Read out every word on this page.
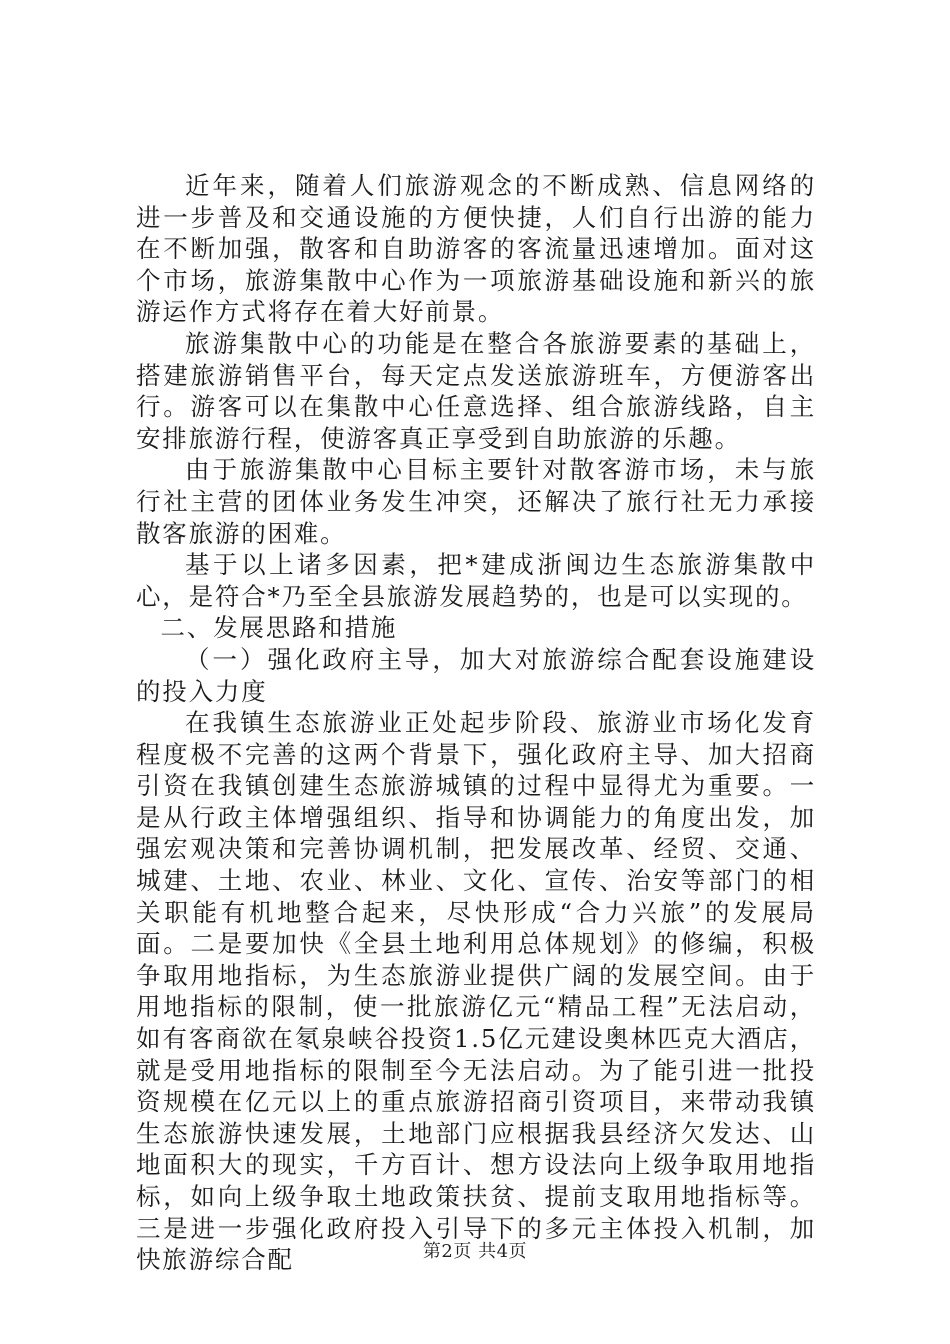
近年来，随着人们旅游观念的不断成熟、信息网络的进一步普及和交通设施的方便快捷，人们自行出游的能力在不断加强，散客和自助游客的客流量迅速增加。面对这个市场，旅游集散中心作为一项旅游基础设施和新兴的旅游运作方式将存在着大好前景。

旅游集散中心的功能是在整合各旅游要素的基础上，搭建旅游销售平台，每天定点发送旅游班车，方便游客出行。游客可以在集散中心任意选择、组合旅游线路，自主安排旅游行程，使游客真正享受到自助旅游的乐趣。

由于旅游集散中心目标主要针对散客游市场，未与旅行社主营的团体业务发生冲突，还解决了旅行社无力承接散客旅游的困难。

基于以上诸多因素，把*建成浙闽边生态旅游集散中心，是符合*乃至全县旅游发展趋势的，也是可以实现的。

二、发展思路和措施

（一）强化政府主导，加大对旅游综合配套设施建设的投入力度

在我镇生态旅游业正处起步阶段、旅游业市场化发育程度极不完善的这两个背景下，强化政府主导、加大招商引资在我镇创建生态旅游城镇的过程中显得尤为重要。一是从行政主体增强组织、指导和协调能力的角度出发，加强宏观决策和完善协调机制，把发展改革、经贸、交通、城建、土地、农业、林业、文化、宣传、治安等部门的相关职能有机地整合起来，尽快形成“合力兴旅”的发展局面。二是要加快《全县土地利用总体规划》的修编，积极争取用地指标，为生态旅游业提供广阔的发展空间。由于用地指标的限制，使一批旅游亿元“精品工程”无法启动，如有客商欲在氡泉峡谷投资1.5亿元建设奥林匹克大酒店，就是受用地指标的限制至今无法启动。为了能引进一批投资规模在亿元以上的重点旅游招商引资项目，来带动我镇生态旅游快速发展，土地部门应根据我县经济欠发达、山地面积大的现实，千方百计、想方设法向上级争取用地指标，如向上级争取土地政策扶贫、提前支取用地指标等。三是进一步强化政府投入引导下的多元主体投入机制，加快旅游综合配	第2页 共4页
